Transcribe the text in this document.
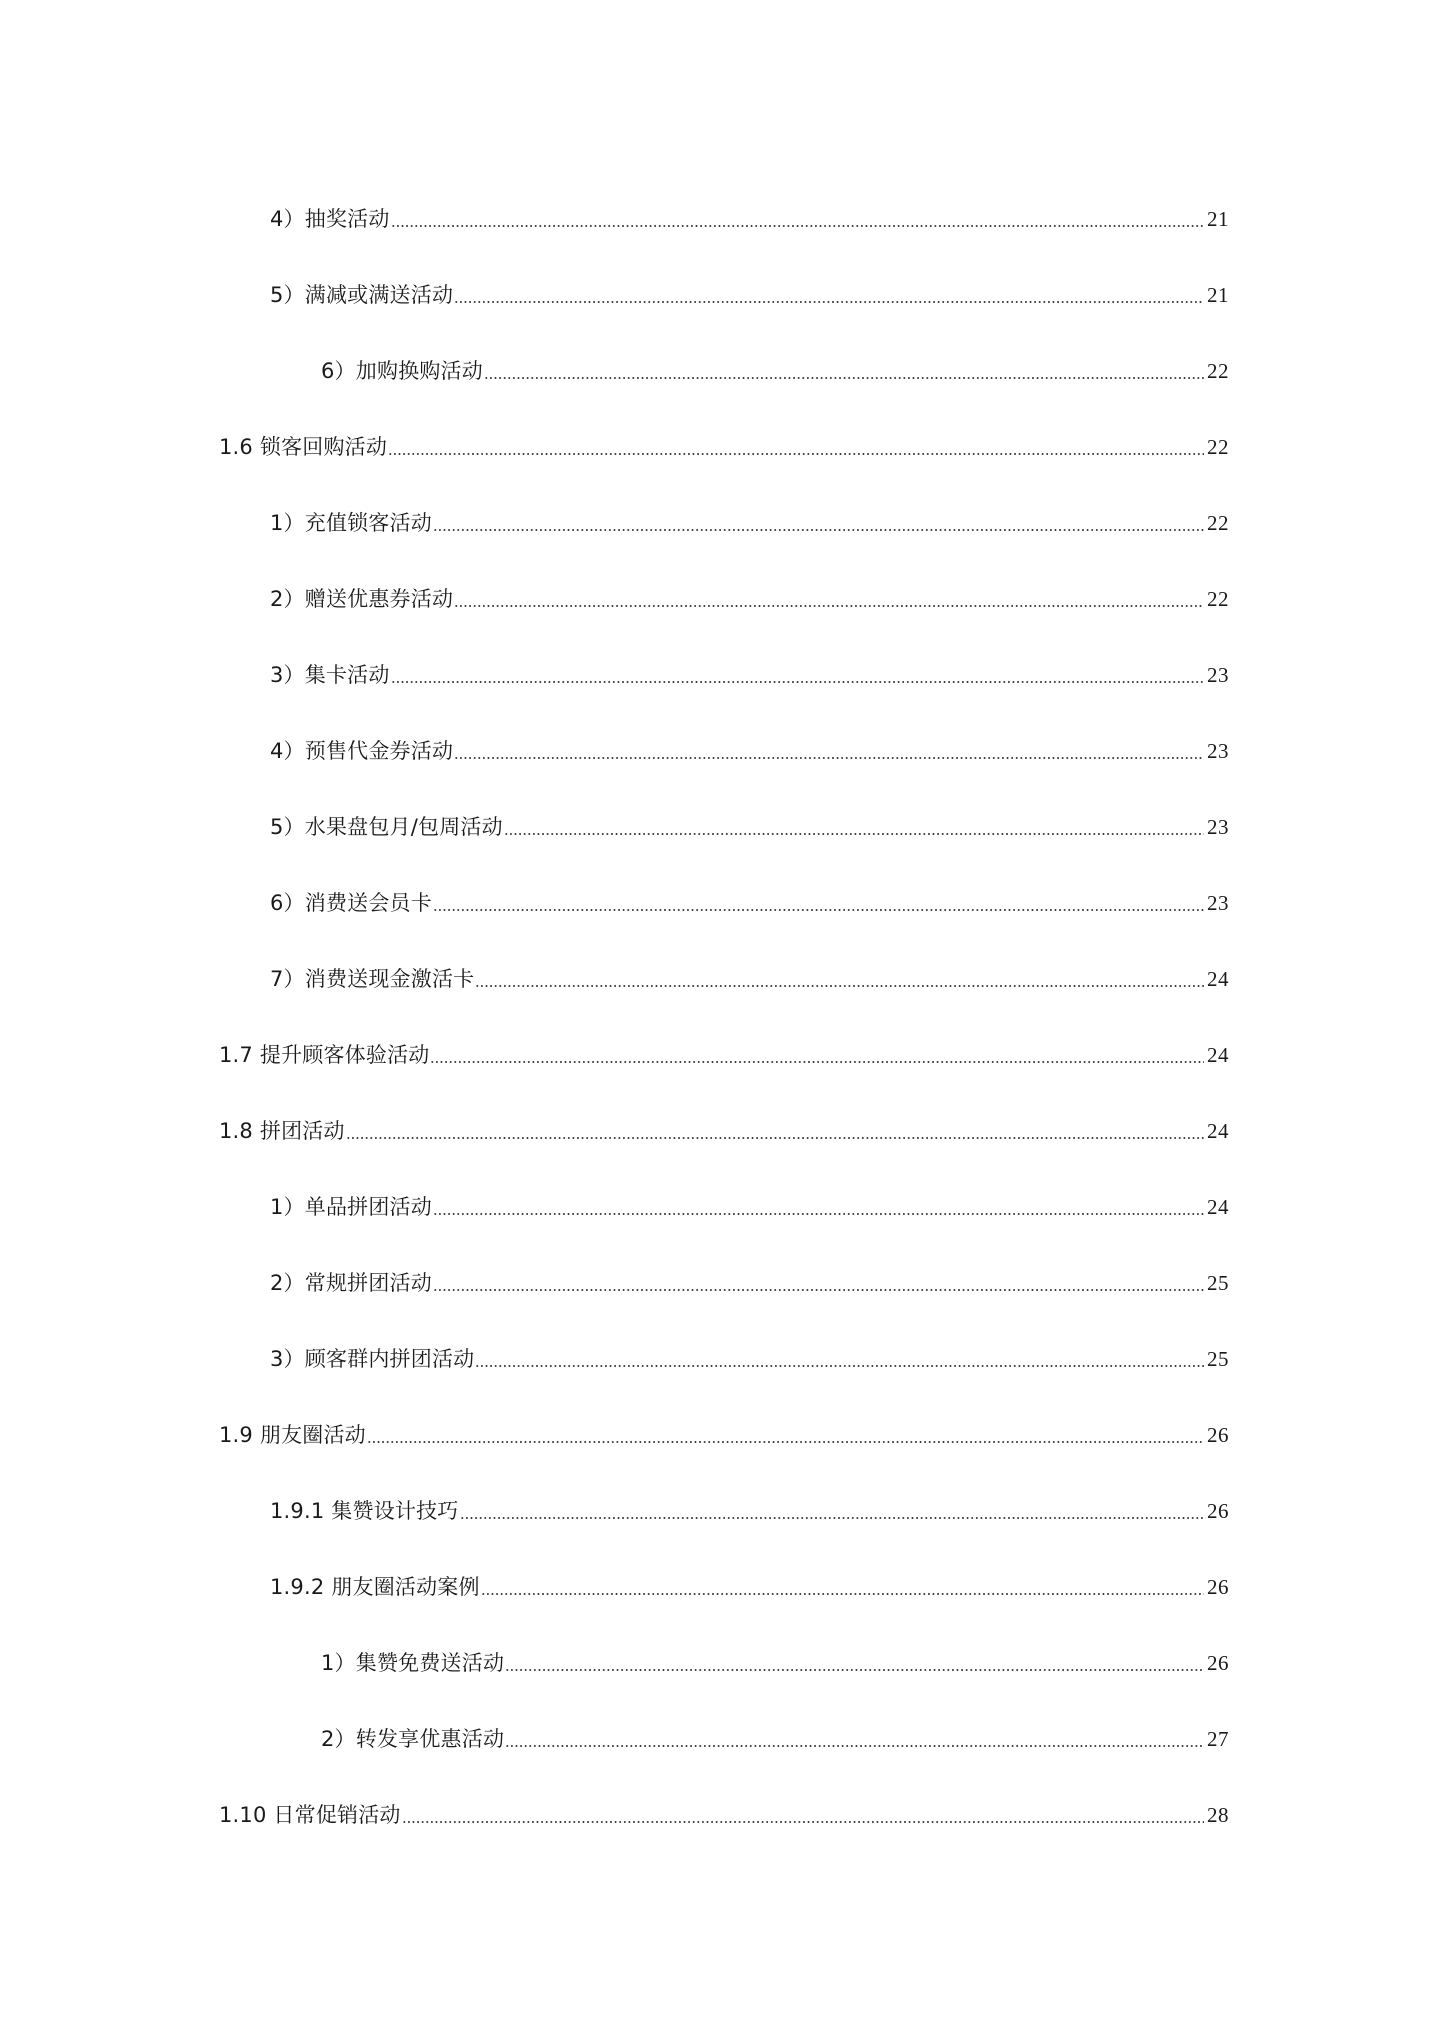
4）抽奖活动	21
5）满减或满送活动	21
6）加购换购活动	22
1.6 锁客回购活动	22
1）充值锁客活动	22
2）赠送优惠券活动	22
3）集卡活动	23
4）预售代金券活动	23
5）水果盘包月/包周活动	23
6）消费送会员卡	23
7）消费送现金激活卡	24
1.7 提升顾客体验活动	24
1.8 拼团活动	24
1）单品拼团活动	24
2）常规拼团活动	25
3）顾客群内拼团活动	25
1.9 朋友圈活动	26
1.9.1 集赞设计技巧	26
1.9.2 朋友圈活动案例	26
1）集赞免费送活动	26
2）转发享优惠活动	27
1.10 日常促销活动	28
